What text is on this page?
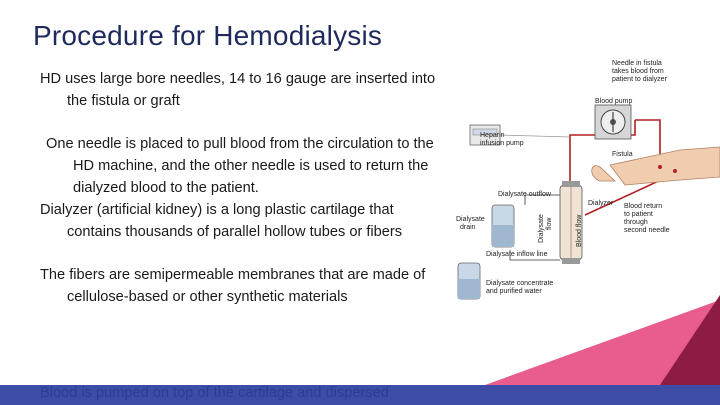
Procedure for Hemodialysis

HD uses large bore needles, 14 to 16 gauge are inserted into the fistula or graft

One needle is placed to pull blood from the circulation to the HD machine, and the other needle is used to return the dialyzed blood to the patient.

Dialyzer (artificial kidney) is a long plastic cartilage that contains thousands of parallel hollow tubes or fibers

The fibers are semipermeable membranes that are made of cellulose-based or other synthetic materials

Needle in fistula
takes blood from
patient to dialyzer
Blood pump
Heparin
infusion pump
Fistula
Dialysate outflow
Dialyzer
Dialysate
drain	Dialysate flow	Blood flow
Blood return
to patient
through
second needle
Dialysate inflow line
Dialysate concentrate
and purified water
